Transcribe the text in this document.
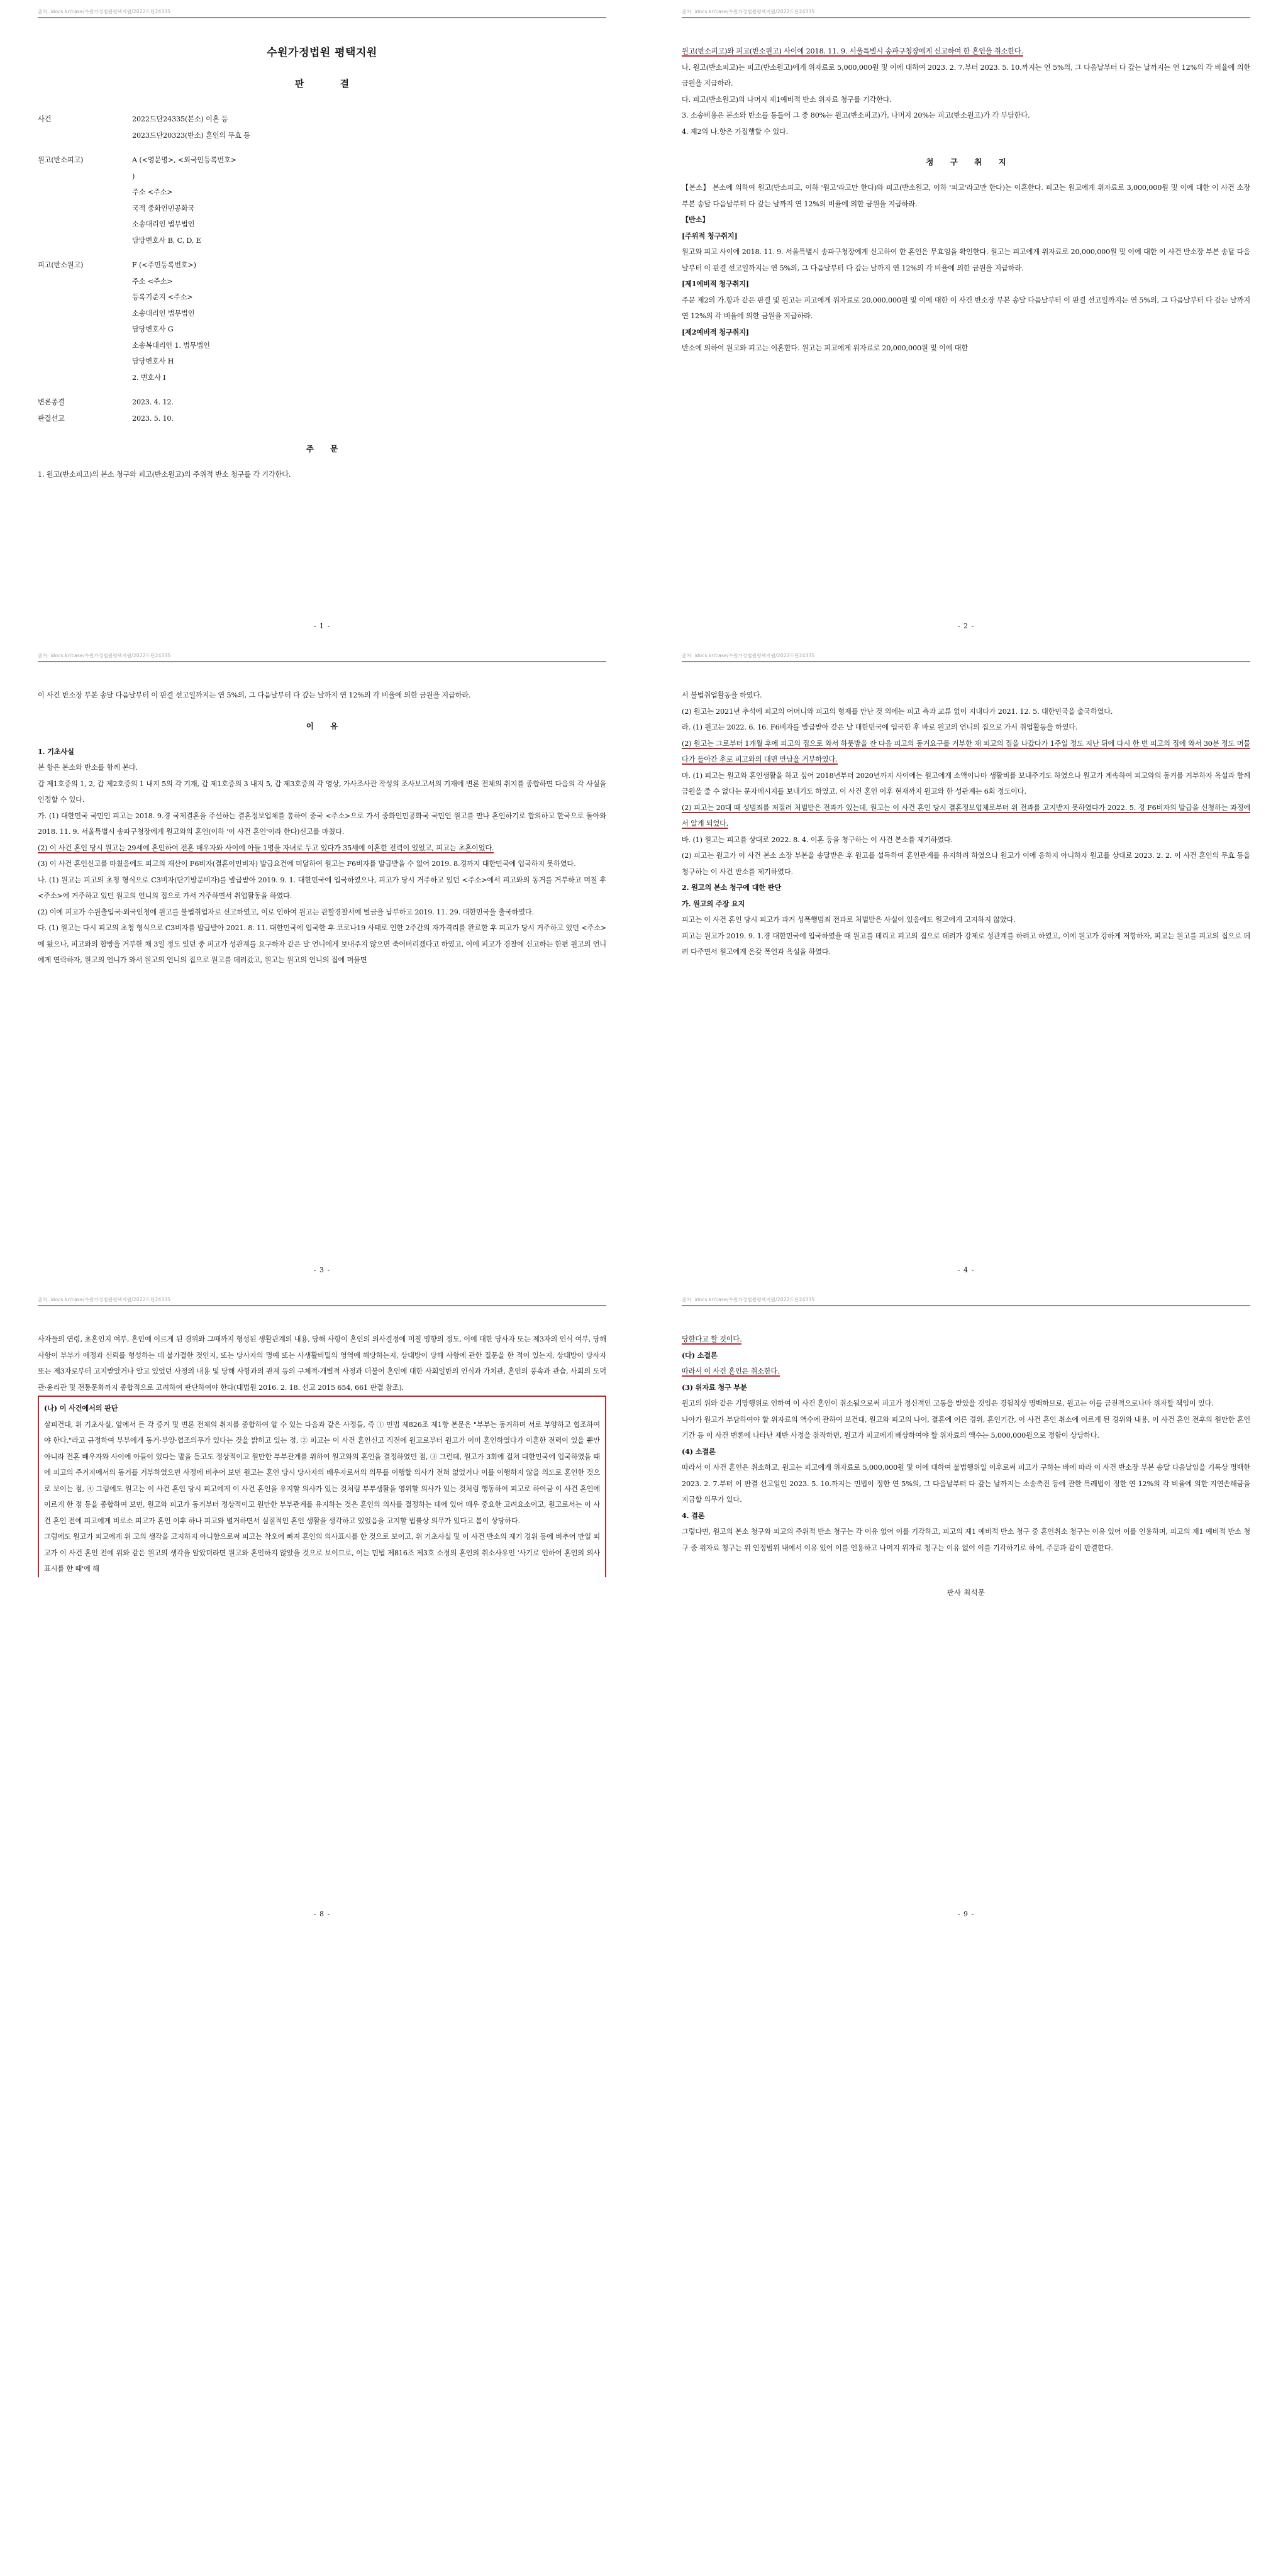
출처: idocs.kr/case/수원가정법원평택지원/2022드단24335
수원가정법원 평택지원
판 결
사건	2022드단24335(본소) 이혼 등
2023드단20323(반소) 혼인의 무효 등
원고(반소피고)	A (<영문명>, <외국인등록번호>
)
주소 <주소>
국적 중화인민공화국
소송대리인 법무법인
담당변호사 B, C, D, E
피고(반소원고)	F (<주민등록번호>)
주소 <주소>
등록기준지 <주소>
소송대리인 법무법인
담당변호사 G
소송복대리인 1. 법무법인
담당변호사 H
2. 변호사 I
변론종결	2023. 4. 12.
판결선고	2023. 5. 10.
주 문
1. 원고(반소피고)의 본소 청구와 피고(반소원고)의 주위적 반소 청구를 각 기각한다.
- 1 -
출처: idocs.kr/case/수원가정법원평택지원/2022드단24335

원고(반소피고)와 피고(반소원고) 사이에 2018. 11. 9. 서울특별시 송파구청장에게 신고하여 한 혼인을 취소한다.

나. 원고(반소피고)는 피고(반소원고)에게 위자료로 5,000,000원 및 이에 대하여 2023. 2. 7.부터 2023. 5. 10.까지는 연 5%의, 그 다음날부터 다 갚는 날까지는 연 12%의 각 비율에 의한 금원을 지급하라.

다. 피고(반소원고)의 나머지 제1예비적 반소 위자료 청구를 기각한다.

3. 소송비용은 본소와 반소를 통틀어 그 중 80%는 원고(반소피고)가, 나머지 20%는 피고(반소원고)가 각 부담한다.

4. 제2의 나.항은 가집행할 수 있다.

청 구 취 지

【본소】 본소에 의하여 원고(반소피고, 이하 '원고'라고만 한다)와 피고(반소원고, 이하 '피고'라고만 한다)는 이혼한다. 피고는 원고에게 위자료로 3,000,000원 및 이에 대한 이 사건 소장 부본 송달 다음날부터 다 갚는 날까지 연 12%의 비율에 의한 금원을 지급하라.

【반소】

[주위적 청구취지]

원고와 피고 사이에 2018. 11. 9. 서울특별시 송파구청장에게 신고하여 한 혼인은 무효임을 확인한다. 원고는 피고에게 위자료로 20,000,000원 및 이에 대한 이 사건 반소장 부본 송달 다음날부터 이 판결 선고일까지는 연 5%의, 그 다음날부터 다 갚는 날까지 연 12%의 각 비율에 의한 금원을 지급하라.

[제1예비적 청구취지]

주문 제2의 가.항과 같은 판결 및 원고는 피고에게 위자료로 20,000,000원 및 이에 대한 이 사건 반소장 부본 송달 다음날부터 이 판결 선고일까지는 연 5%의, 그 다음날부터 다 갚는 날까지 연 12%의 각 비율에 의한 금원을 지급하라.

[제2예비적 청구취지]

반소에 의하여 원고와 피고는 이혼한다. 원고는 피고에게 위자료로 20,000,000원 및 이에 대한

- 2 -
출처: idocs.kr/case/수원가정법원평택지원/2022드단24335

이 사건 반소장 부본 송달 다음날부터 이 판결 선고일까지는 연 5%의, 그 다음날부터 다 갚는 날까지 연 12%의 각 비율에 의한 금원을 지급하라.

이 유

1. 기초사실

본 항은 본소와 반소를 함께 본다.

갑 제1호증의 1, 2, 갑 제2호증의 1 내지 5의 각 기재, 갑 제1호증의 3 내지 5, 갑 제3호증의 각 영상, 가사조사관 작성의 조사보고서의 기재에 변론 전체의 취지를 종합하면 다음의 각 사실을 인정할 수 있다.

가. (1) 대한민국 국민인 피고는 2018. 9.경 국제결혼을 주선하는 결혼정보업체를 통하여 중국 <주소>으로 가서 중화인민공화국 국민인 원고를 만나 혼인하기로 합의하고 한국으로 돌아와 2018. 11. 9. 서울특별시 송파구청장에게 원고와의 혼인(이하 '이 사건 혼인'이라 한다)신고를 마쳤다.

(2) 이 사건 혼인 당시 원고는 29세에 혼인하여 전혼 배우자와 사이에 아들 1명을 자녀로 두고 있다가 35세에 이혼한 전력이 있었고, 피고는 초혼이었다.

(3) 이 사건 혼인신고를 마쳤음에도 피고의 재산이 F6비자(결혼이민비자) 발급요건에 미달하여 원고는 F6비자를 발급받을 수 없어 2019. 8.경까지 대한민국에 입국하지 못하였다.

나. (1) 원고는 피고의 초청 형식으로 C3비자(단기방문비자)를 발급받아 2019. 9. 1. 대한민국에 입국하였으나, 피고가 당시 거주하고 있던 <주소>에서 피고와의 동거를 거부하고 며칠 후 <주소>에 거주하고 있던 원고의 언니의 집으로 가서 거주하면서 취업활동을 하였다.

(2) 이에 피고가 수원출입국·외국인청에 원고를 불법취업자로 신고하였고, 이로 인하여 원고는 관할경찰서에 벌금을 납부하고 2019. 11. 29. 대한민국을 출국하였다.

다. (1) 원고는 다시 피고의 초청 형식으로 C3비자를 발급받아 2021. 8. 11. 대한민국에 입국한 후 코로나19 사태로 인한 2주간의 자가격리를 완료한 후 피고가 당시 거주하고 있던 <주소>에 왔으나, 피고와의 합방을 거부한 채 3일 정도 있던 중 피고가 성관계를 요구하자 같은 달 언니에게 보내주지 않으면 죽어버리겠다고 하였고, 이에 피고가 경찰에 신고하는 한편 원고의 언니에게 연락하자, 원고의 언니가 와서 원고의 언니의 집으로 원고를 데려갔고, 원고는 원고의 언니의 집에 머물면

- 3 -
출처: idocs.kr/case/수원가정법원평택지원/2022드단24335

서 불법취업활동을 하였다.

(2) 원고는 2021년 추석에 피고의 어머니와 피고의 형제를 만난 것 외에는 피고 측과 교류 없이 지내다가 2021. 12. 5. 대한민국을 출국하였다.

라. (1) 원고는 2022. 6. 16. F6비자를 발급받아 같은 날 대한민국에 입국한 후 바로 원고의 언니의 집으로 가서 취업활동을 하였다.

(2) 원고는 그로부터 1개월 후에 피고의 집으로 와서 하룻밤을 잔 다음 피고의 동거요구를 거부한 채 피고의 집을 나갔다가 1주일 정도 지난 뒤에 다시 한 번 피고의 집에 와서 30분 정도 머물다가 돌아간 후로 피고와의 대면 만남을 거부하였다.

마. (1) 피고는 원고와 혼인생활을 하고 싶어 2018년부터 2020년까지 사이에는 원고에게 소액이나마 생활비를 보내주기도 하였으나 원고가 계속하여 피고와의 동거를 거부하자 욕설과 함께 금원을 줄 수 없다는 문자메시지를 보내기도 하였고, 이 사건 혼인 이후 현재까지 원고와 한 성관계는 6회 정도이다.

(2) 피고는 20대 때 성범죄를 저질러 처벌받은 전과가 있는데, 원고는 이 사건 혼인 당시 결혼정보업체로부터 위 전과를 고지받지 못하였다가 2022. 5. 경 F6비자의 발급을 신청하는 과정에서 알게 되었다.

바. (1) 원고는 피고를 상대로 2022. 8. 4. 이혼 등을 청구하는 이 사건 본소를 제기하였다.

(2) 피고는 원고가 이 사건 본소 소장 부본을 송달받은 후 원고를 설득하여 혼인관계를 유지하려 하였으나 원고가 이에 응하지 아니하자 원고를 상대로 2023. 2. 2. 이 사건 혼인의 무효 등을 청구하는 이 사건 반소를 제기하였다.

2. 원고의 본소 청구에 대한 판단

가. 원고의 주장 요지

피고는 이 사건 혼인 당시 피고가 과거 성폭행범죄 전과로 처벌받은 사실이 있음에도 원고에게 고지하지 않았다.

피고는 원고가 2019. 9. 1.경 대한민국에 입국하였을 때 원고를 데리고 피고의 집으로 데려가 강제로 성관계를 하려고 하였고, 이에 원고가 강하게 저항하자, 피고는 원고를 피고의 집으로 데려 다주면서 원고에게 온갖 폭언과 욕설을 하였다.

- 4 -
출처: idocs.kr/case/수원가정법원평택지원/2022드단24335

사자들의 연령, 초혼인지 여부, 혼인에 이르게 된 경위와 그때까지 형성된 생활관계의 내용, 당해 사항이 혼인의 의사결정에 미칠 영향의 정도, 이에 대한 당사자 또는 제3자의 인식 여부, 당해 사항이 부부가 애정과 신뢰를 형성하는 데 불가결한 것인지, 또는 당사자의 명예 또는 사생활비밀의 영역에 해당하는지, 상대방이 당해 사항에 관한 질문을 한 적이 있는지, 상대방이 당사자 또는 제3자로부터 고지받았거나 알고 있었던 사정의 내용 및 당해 사항과의 관계 등의 구체적·개별적 사정과 더불어 혼인에 대한 사회일반의 인식과 가치관, 혼인의 풍속과 관습, 사회의 도덕관·윤리관 및 전통문화까지 종합적으로 고려하여 판단하여야 한다(대법원 2016. 2. 18. 선고 2015 654, 661 판결 참조).

(나) 이 사건에서의 판단

살피건대, 위 기초사실, 앞에서 든 각 증거 및 변론 전체의 취지를 종합하여 알 수 있는 다음과 같은 사정들, 즉 ① 민법 제826조 제1항 본문은 "부부는 동거하며 서로 부양하고 협조하여야 한다."라고 규정하여 부부에게 동거·부양·협조의무가 있다는 것을 밝히고 있는 점, ② 피고는 이 사건 혼인신고 직전에 원고로부터 원고가 이미 혼인하였다가 이혼한 전력이 있을 뿐만 아니라 전혼 배우자와 사이에 아들이 있다는 말을 듣고도 정상적이고 원만한 부부관계를 위하여 원고와의 혼인을 결정하였던 점, ③ 그런데, 원고가 3회에 걸쳐 대한민국에 입국하였을 때에 피고의 주거지에서의 동거를 거부하였으면 사정에 비추어 보면 원고는 혼인 당시 당사자의 배우자로서의 의무를 이행할 의사가 전혀 없었거나 이를 이행하지 않을 의도로 혼인한 것으로 보이는 점, ④ 그럼에도 원고는 이 사건 혼인 당시 피고에게 이 사건 혼인을 유지할 의사가 있는 것처럼 부부생활을 영위할 의사가 있는 것처럼 행동하여 피고로 하여금 이 사건 혼인에 이르게 한 점 등을 종합하여 보면, 원고와 피고가 동거부터 정상적이고 원만한 부부관계를 유지하는 것은 혼인의 의사를 결정하는 데에 있어 매우 중요한 고려요소이고, 원고로서는 이 사건 혼인 전에 피고에게 비로소 피고가 혼인 이후 하나 피고와 별거하면서 실질적인 혼인 생활을 생각하고 있었음을 고지할 법률상 의무가 있다고 봄이 상당하다.

그럼에도 원고가 피고에게 위 고의 생각을 고지하지 아니함으로써 피고는 착오에 빠져 혼인의 의사표시를 한 것으로 보이고, 위 기초사실 및 이 사건 반소의 제기 경위 등에 비추어 만일 피고가 이 사건 혼인 전에 위와 같은 원고의 생각을 알았더라면 원고와 혼인하지 않았을 것으로 보이므로, 이는 민법 제816조 제3호 소정의 혼인의 취소사유인 '사기로 인하여 혼인의 의사표시를 한 때'에 해

- 8 -
출처: idocs.kr/case/수원가정법원평택지원/2022드단24335

당한다고 할 것이다.

(다) 소결론

따라서 이 사건 혼인은 취소한다.

(3) 위자료 청구 부분

원고의 위와 같은 기망행위로 인하여 이 사건 혼인이 취소됨으로써 피고가 정신적인 고통을 받았을 것임은 경험칙상 명백하므로, 원고는 이를 금전적으로나마 위자할 책임이 있다.

나아가 원고가 부담하여야 할 위자료의 액수에 관하여 보건대, 원고와 피고의 나이, 결혼에 이른 경위, 혼인기간, 이 사건 혼인 취소에 이르게 된 경위와 내용, 이 사건 혼인 전후의 원만한 혼인 기간 등 이 사건 변론에 나타난 제반 사정을 참작하면, 원고가 피고에게 배상하여야 할 위자료의 액수는 5,000,000원으로 정함이 상당하다.

(4) 소결론

따라서 이 사건 혼인은 취소하고, 원고는 피고에게 위자료로 5,000,000원 및 이에 대하여 불법행위일 이후로써 피고가 구하는 바에 따라 이 사건 반소장 부본 송달 다음날임을 기록상 명백한 2023. 2. 7.부터 이 판결 선고일인 2023. 5. 10.까지는 민법이 정한 연 5%의, 그 다음날부터 다 갚는 날까지는 소송촉진 등에 관한 특례법이 정한 연 12%의 각 비율에 의한 지연손해금을 지급할 의무가 있다.

4. 결론

그렇다면, 원고의 본소 청구와 피고의 주위적 반소 청구는 각 이유 없어 이를 기각하고, 피고의 제1 예비적 반소 청구 중 혼인취소 청구는 이유 있어 이를 인용하며, 피고의 제1 예비적 반소 청구 중 위자료 청구는 위 인정범위 내에서 이유 있어 이를 인용하고 나머지 위자료 청구는 이유 없어 이를 기각하기로 하여, 주문과 같이 판결한다.

판사 최석문
- 9 -
